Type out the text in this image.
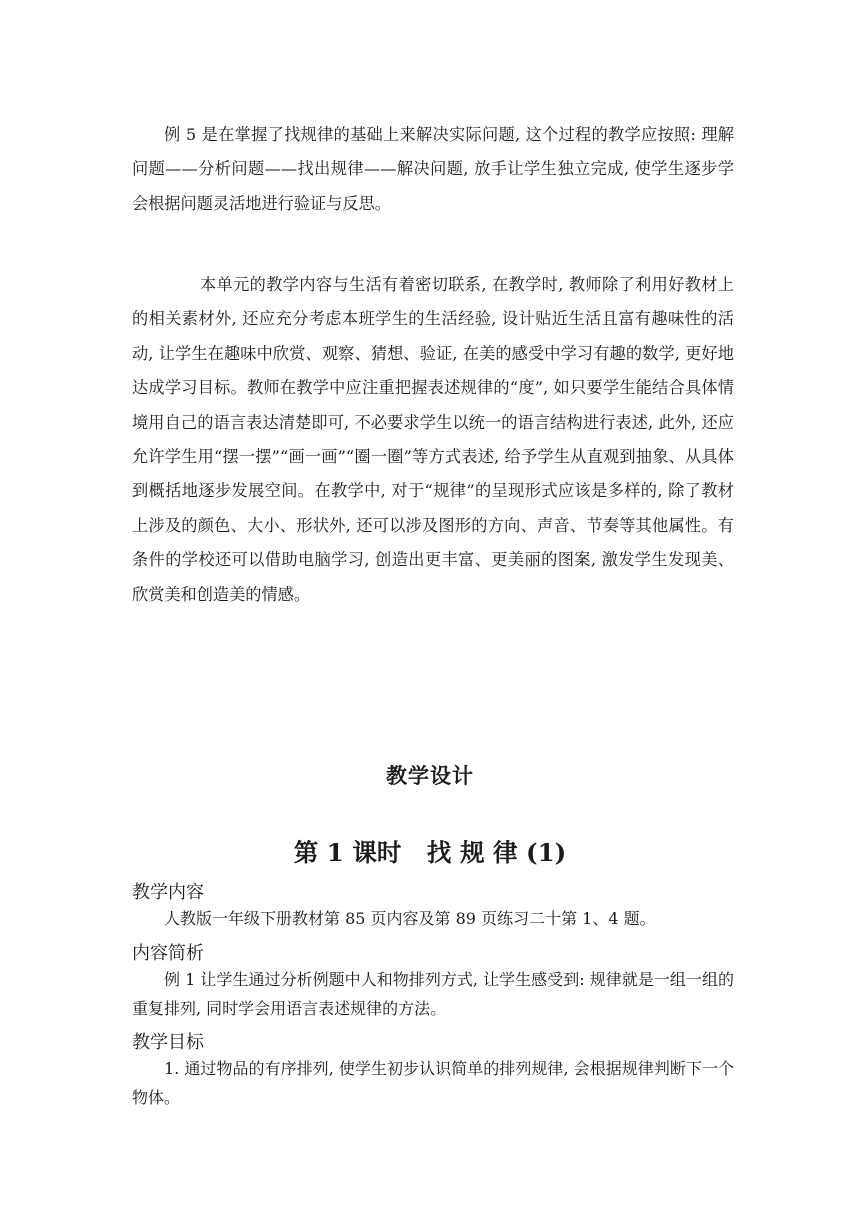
例 5 是在掌握了找规律的基础上来解决实际问题, 这个过程的教学应按照: 理解问题——分析问题——找出规律——解决问题, 放手让学生独立完成, 使学生逐步学会根据问题灵活地进行验证与反思。

本单元的教学内容与生活有着密切联系, 在教学时, 教师除了利用好教材上的相关素材外, 还应充分考虑本班学生的生活经验, 设计贴近生活且富有趣味性的活动, 让学生在趣味中欣赏、观察、猜想、验证, 在美的感受中学习有趣的数学, 更好地达成学习目标。教师在教学中应注重把握表述规律的“度”, 如只要学生能结合具体情境用自己的语言表达清楚即可, 不必要求学生以统一的语言结构进行表述, 此外, 还应允许学生用“摆一摆”“画一画”“圈一圈”等方式表述, 给予学生从直观到抽象、从具体到概括地逐步发展空间。在教学中, 对于“规律”的呈现形式应该是多样的, 除了教材上涉及的颜色、大小、形状外, 还可以涉及图形的方向、声音、节奏等其他属性。有条件的学校还可以借助电脑学习, 创造出更丰富、更美丽的图案, 激发学生发现美、欣赏美和创造美的情感。

教学设计
第 1 课时   找 规 律 (1)
教学内容

人教版一年级下册教材第 85 页内容及第 89 页练习二十第 1、4 题。

内容简析

例 1 让学生通过分析例题中人和物排列方式, 让学生感受到: 规律就是一组一组的重复排列, 同时学会用语言表述规律的方法。

教学目标

1. 通过物品的有序排列, 使学生初步认识简单的排列规律, 会根据规律判断下一个物体。
